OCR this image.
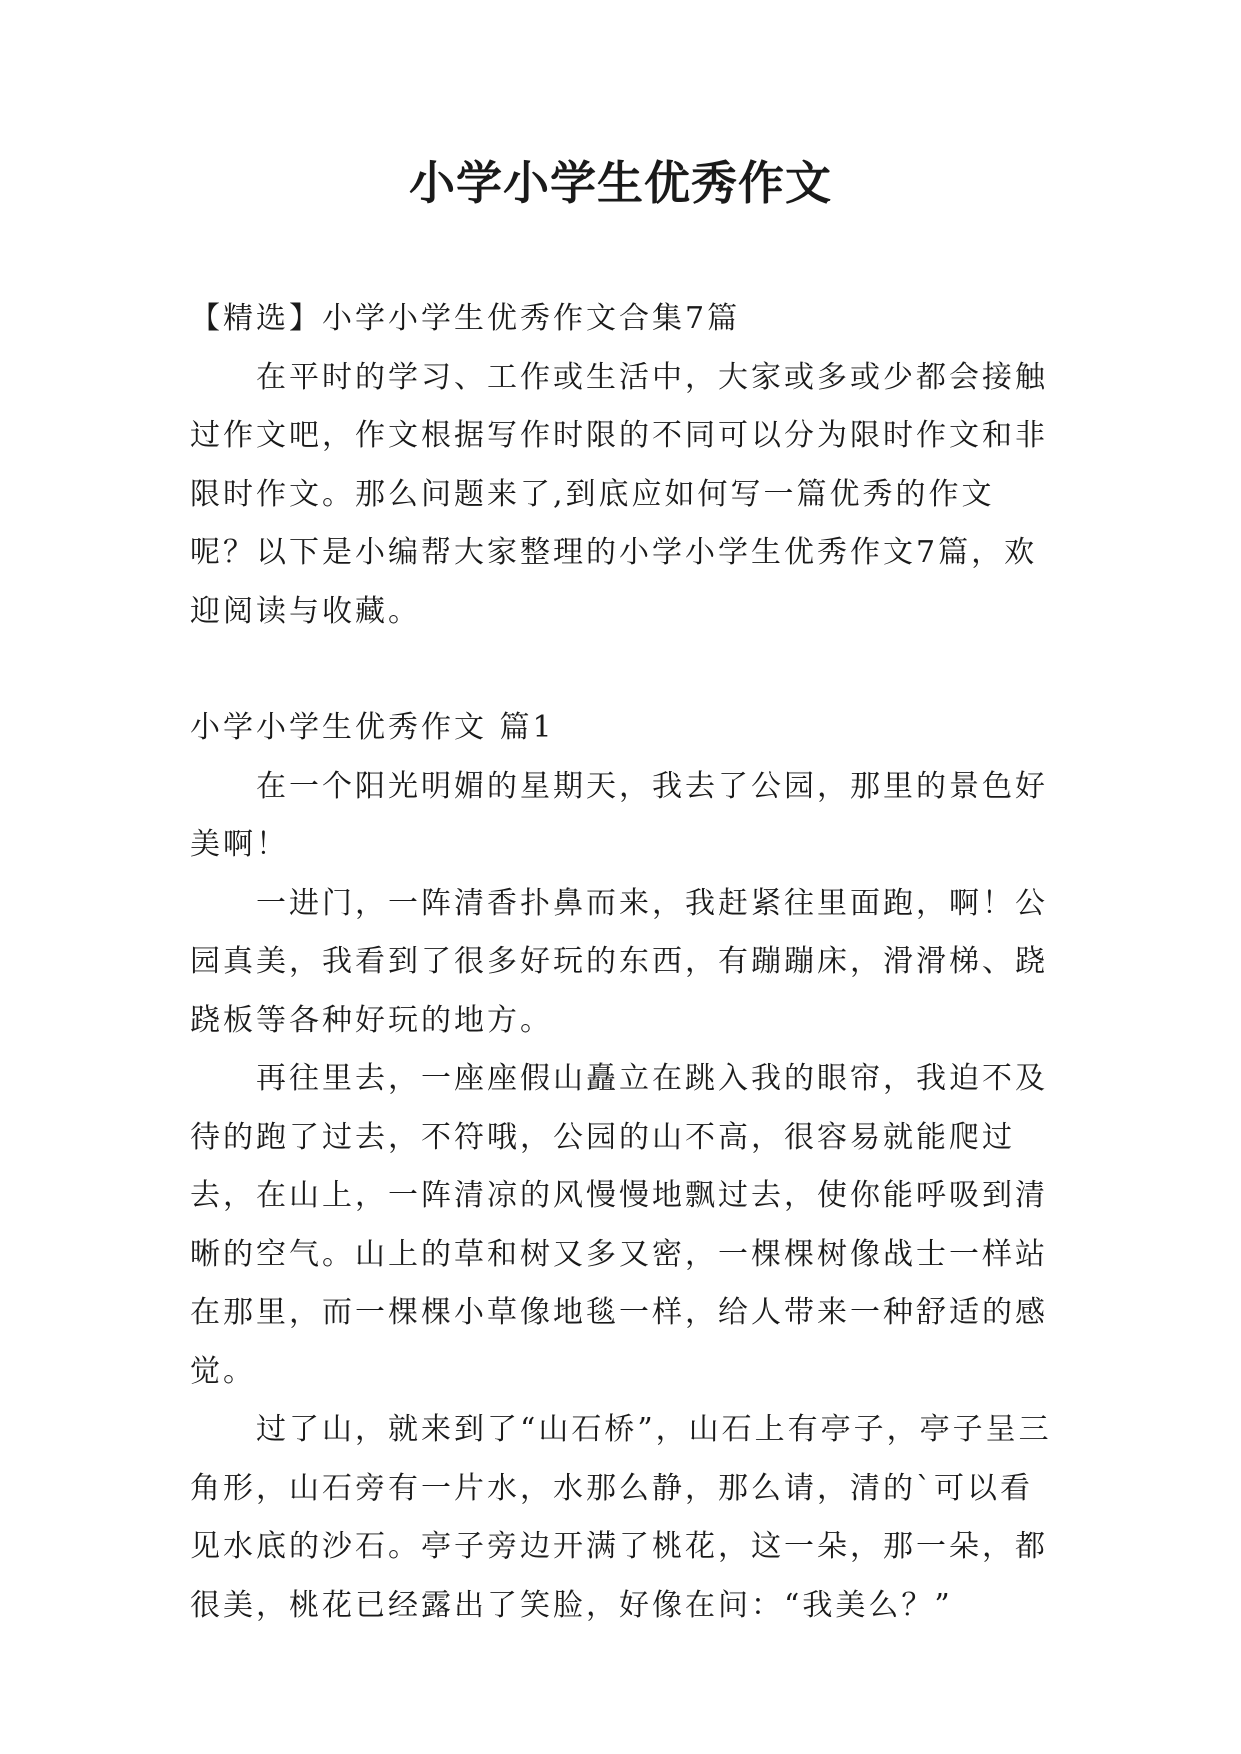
小学小学生优秀作文

【精选】小学小学生优秀作文合集7篇

在平时的学习、工作或生活中，大家或多或少都会接触过作文吧，作文根据写作时限的不同可以分为限时作文和非限时作文。那么问题来了,到底应如何写一篇优秀的作文呢？以下是小编帮大家整理的小学小学生优秀作文7篇，欢迎阅读与收藏。

小学小学生优秀作文 篇1

在一个阳光明媚的星期天，我去了公园，那里的景色好美啊！

一进门，一阵清香扑鼻而来，我赶紧往里面跑，啊！公园真美，我看到了很多好玩的东西，有蹦蹦床，滑滑梯、跷跷板等各种好玩的地方。

再往里去，一座座假山矗立在跳入我的眼帘，我迫不及待的跑了过去，不符哦，公园的山不高，很容易就能爬过去，在山上，一阵清凉的风慢慢地飘过去，使你能呼吸到清晰的空气。山上的草和树又多又密，一棵棵树像战士一样站在那里，而一棵棵小草像地毯一样，给人带来一种舒适的感觉。

过了山，就来到了“山石桥”，山石上有亭子，亭子呈三角形，山石旁有一片水，水那么静，那么请，清的`可以看见水底的沙石。亭子旁边开满了桃花，这一朵，那一朵，都很美，桃花已经露出了笑脸，好像在问：“我美么？”
